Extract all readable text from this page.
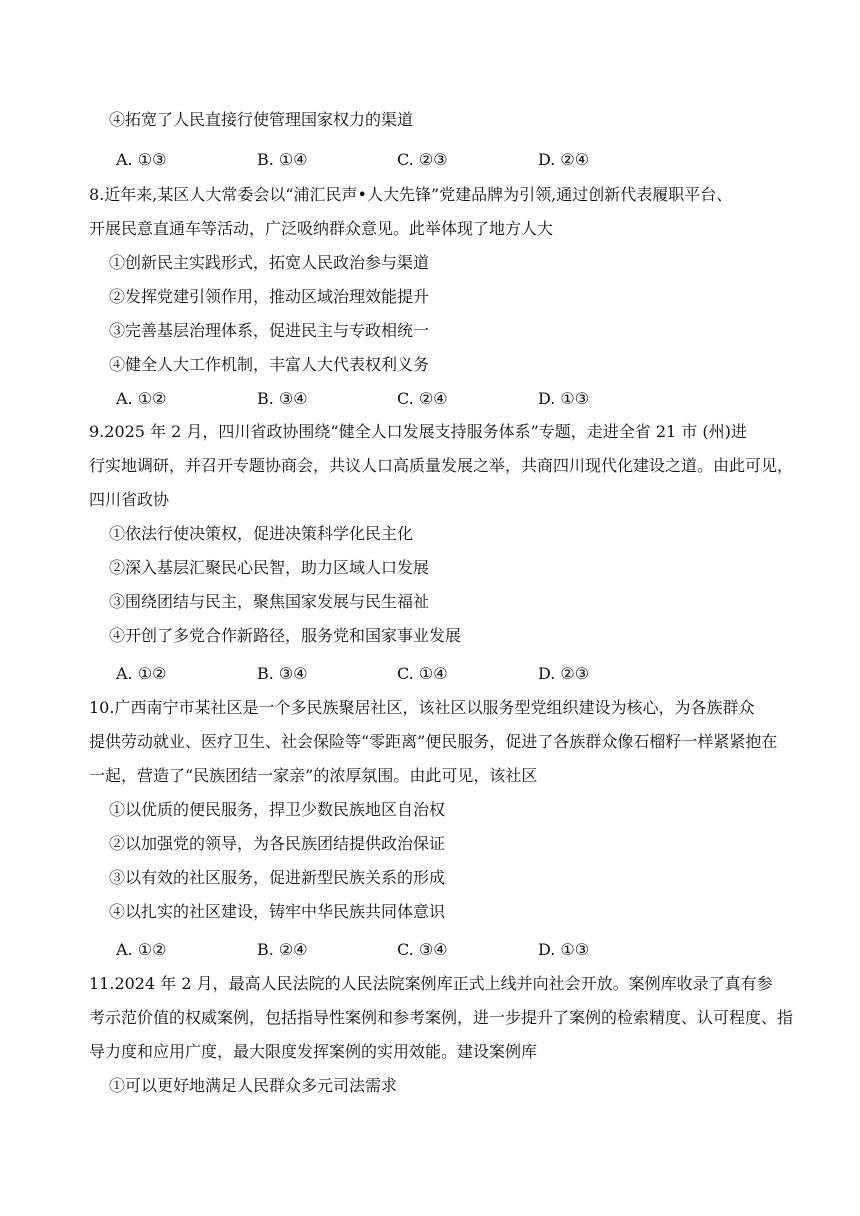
④拓宽了人民直接行使管理国家权力的渠道
A. ①③	B. ①④	C. ②③	D. ②④
8.近年来,某区人大常委会以“浦汇民声•人大先锋”党建品牌为引领,通过创新代表履职平台、
开展民意直通车等活动，广泛吸纳群众意见。此举体现了地方人大
①创新民主实践形式，拓宽人民政治参与渠道
②发挥党建引领作用，推动区域治理效能提升
③完善基层治理体系，促进民主与专政相统一
④健全人大工作机制，丰富人大代表权利义务
A. ①②	B. ③④	C. ②④	D. ①③
9.2025 年 2 月，四川省政协围绕“健全人口发展支持服务体系”专题，走进全省 21 市 (州)进
行实地调研，并召开专题协商会，共议人口高质量发展之举，共商四川现代化建设之道。由此可见，
四川省政协
①依法行使决策权，促进决策科学化民主化
②深入基层汇聚民心民智，助力区域人口发展
③围绕团结与民主，聚焦国家发展与民生福祉
④开创了多党合作新路径，服务党和国家事业发展
A. ①②	B. ③④	C. ①④	D. ②③
10.广西南宁市某社区是一个多民族聚居社区，该社区以服务型党组织建设为核心，为各族群众
提供劳动就业、医疗卫生、社会保险等“零距离”便民服务，促进了各族群众像石榴籽一样紧紧抱在
一起，营造了“民族团结一家亲”的浓厚氛围。由此可见，该社区
①以优质的便民服务，捍卫少数民族地区自治权
②以加强党的领导，为各民族团结提供政治保证
③以有效的社区服务，促进新型民族关系的形成
④以扎实的社区建设，铸牢中华民族共同体意识
A. ①②	B. ②④	C. ③④	D. ①③
11.2024 年 2 月，最高人民法院的人民法院案例库正式上线并向社会开放。案例库收录了真有参
考示范价值的权威案例，包括指导性案例和参考案例，进一步提升了案例的检索精度、认可程度、指
导力度和应用广度，最大限度发挥案例的实用效能。建设案例库
①可以更好地满足人民群众多元司法需求
